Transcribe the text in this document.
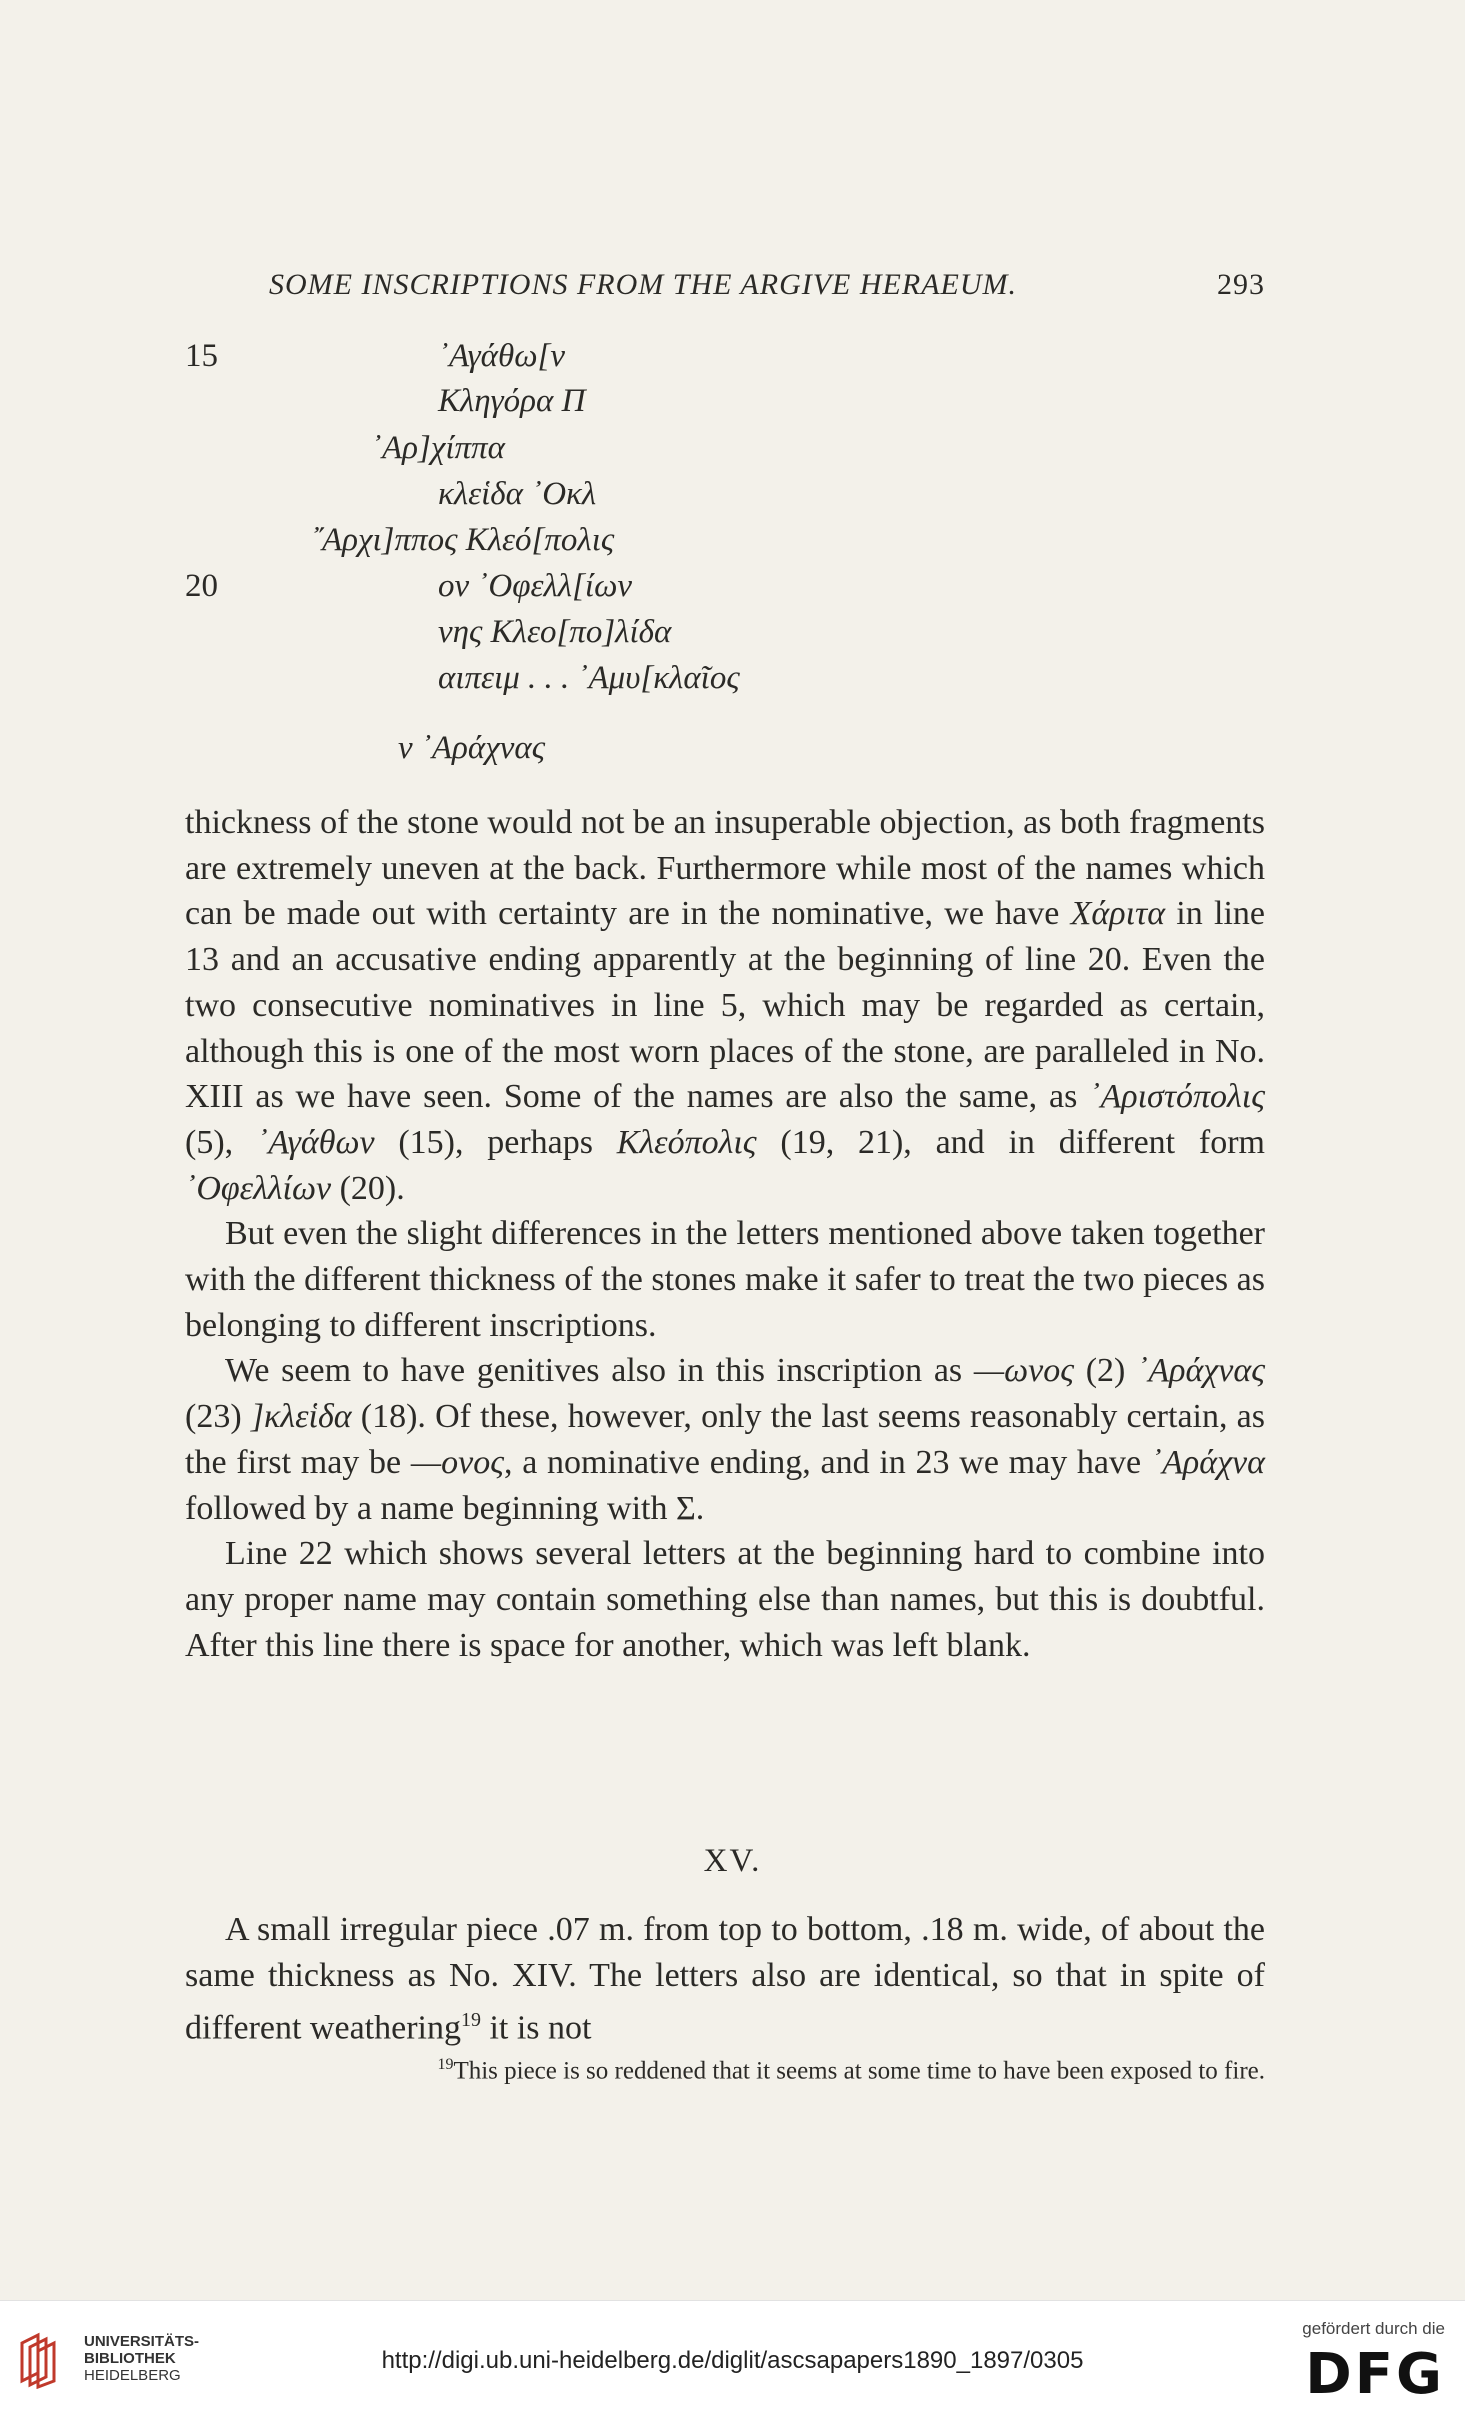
SOME INSCRIPTIONS FROM THE ARGIVE HERAEUM.	293
15	᾿Αγάθω[ν
Κληγόρα Π
᾿Αρ]χίππα
κλεἱδα ᾿Οκλ
῎Αρχι]ππος Κλεό[πολις
20	ον ᾿Οφελλ[ίων
νης Κλεο[πο]λίδα
αιπειμ . . . ᾿Αμυ[κλαῖος
ν ᾿Αράχνας

thickness of the stone would not be an insuperable objection, as both fragments are extremely uneven at the back. Furthermore while most of the names which can be made out with certainty are in the nominative, we have Χάριτα in line 13 and an accusative ending apparently at the beginning of line 20. Even the two consecutive nominatives in line 5, which may be regarded as certain, although this is one of the most worn places of the stone, are paralleled in No. XIII as we have seen. Some of the names are also the same, as ᾿Αριστόπολις (5), ᾿Αγάθων (15), perhaps Κλεόπολις (19, 21), and in different form ᾿Οφελλίων (20).

But even the slight differences in the letters mentioned above taken together with the different thickness of the stones make it safer to treat the two pieces as belonging to different inscriptions.

We seem to have genitives also in this inscription as —ωνος (2) ᾿Αράχνας (23) ]κλεἱδα (18). Of these, however, only the last seems reasonably certain, as the first may be —ονος, a nominative ending, and in 23 we may have ᾿Αράχνα followed by a name beginning with Σ.

Line 22 which shows several letters at the beginning hard to combine into any proper name may contain something else than names, but this is doubtful. After this line there is space for another, which was left blank.

XV.

A small irregular piece .07 m. from top to bottom, .18 m. wide, of about the same thickness as No. XIV. The letters also are identical, so that in spite of different weathering$^{19}$ it is not

$^{19}$This piece is so reddened that it seems at some time to have been exposed to fire.
UNIVERSITÄTS-
BIBLIOTHEK
HEIDELBERG
http://digi.ub.uni-heidelberg.de/diglit/ascsapapers1890_1897/0305
gefördert durch die
DFG
